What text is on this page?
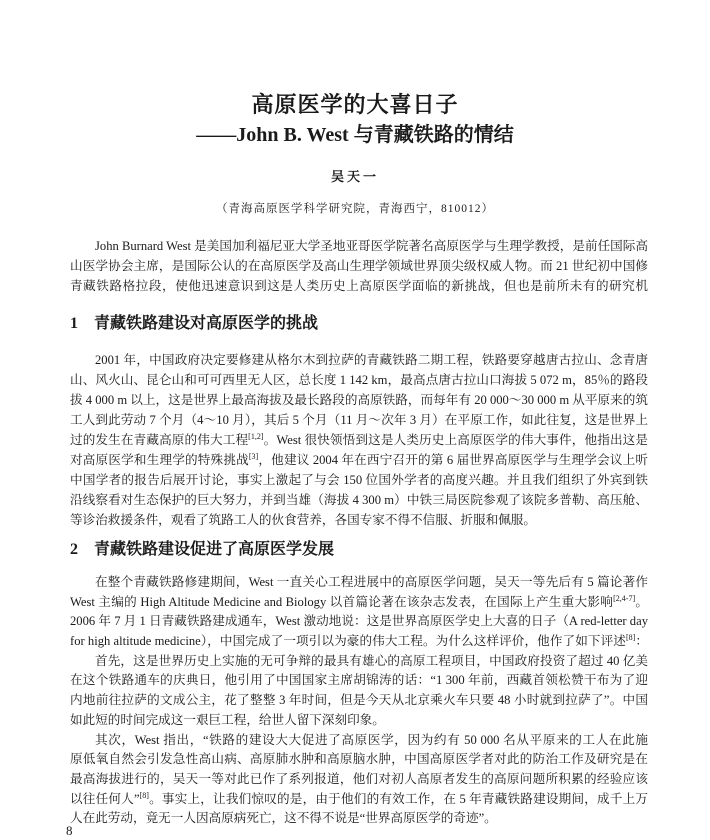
高原医学的大喜日子
——John B. West 与青藏铁路的情结
吴天一
（青海高原医学科学研究院，青海西宁，810012）
John Burnard West 是美国加利福尼亚大学圣地亚哥医学院著名高原医学与生理学教授，是前任国际高
山医学协会主席，是国际公认的在高原医学及高山生理学领域世界顶尖级权威人物。而 21 世纪初中国修
青藏铁路格拉段，使他迅速意识到这是人类历史上高原医学面临的新挑战，但也是前所未有的研究机
1 青藏铁路建设对高原医学的挑战
2001 年，中国政府决定要修建从格尔木到拉萨的青藏铁路二期工程，铁路要穿越唐古拉山、念青唐
山、风火山、昆仑山和可可西里无人区，总长度 1 142 km，最高点唐古拉山口海拔 5 072 m，85％的路段
拔 4 000 m 以上，这是世界上最高海拔及最长路段的高原铁路，而每年有 20 000～30 000 m 从平原来的筑
工人到此劳动 7 个月（4～10 月），其后 5 个月（11 月～次年 3 月）在平原工作，如此往复，这是世界上
过的发生在青藏高原的伟大工程[1,2]。West 很快领悟到这是人类历史上高原医学的伟大事件，他指出这是
对高原医学和生理学的特殊挑战[3]，他建议 2004 年在西宁召开的第 6 届世界高原医学与生理学会议上听
中国学者的报告后展开讨论，事实上激起了与会 150 位国外学者的高度兴趣。并且我们组织了外宾到铁
沿线察看对生态保护的巨大努力，并到当雄（海拔 4 300 m）中铁三局医院参观了该院多普勒、高压舱、
等诊治救援条件，观看了筑路工人的伙食营养，各国专家不得不信服、折服和佩服。
2 青藏铁路建设促进了高原医学发展
在整个青藏铁路修建期间，West 一直关心工程进展中的高原医学问题，吴天一等先后有 5 篇论著作
West 主编的 High Altitude Medicine and Biology 以首篇论著在该杂志发表，在国际上产生重大影响[2,4-7]。
2006 年 7 月 1 日青藏铁路建成通车，West 激动地说：这是世界高原医学史上大喜的日子（A red-letter day
for high altitude medicine），中国完成了一项引以为豪的伟大工程。为什么这样评价，他作了如下评述[8]：
首先，这是世界历史上实施的无可争辩的最具有雄心的高原工程项目，中国政府投资了超过 40 亿美
在这个铁路通车的庆典日，他引用了中国国家主席胡锦涛的话：“1 300 年前，西藏首领松赞干布为了迎
内地前往拉萨的文成公主，花了整整 3 年时间，但是今天从北京乘火车只要 48 小时就到拉萨了”。中国
如此短的时间完成这一艰巨工程，给世人留下深刻印象。
其次，West 指出，“铁路的建设大大促进了高原医学，因为约有 50 000 名从平原来的工人在此施
原低氧自然会引发急性高山病、高原肺水肿和高原脑水肿，中国高原医学者对此的防治工作及研究是在
最高海拔进行的，吴天一等对此已作了系列报道，他们对初人高原者发生的高原问题所积累的经验应该
以往任何人”[8]。事实上，让我们惊叹的是，由于他们的有效工作，在 5 年青藏铁路建设期间，成千上万
人在此劳动，竟无一人因高原病死亡，这不得不说是“世界高原医学的奇迹”。
8
